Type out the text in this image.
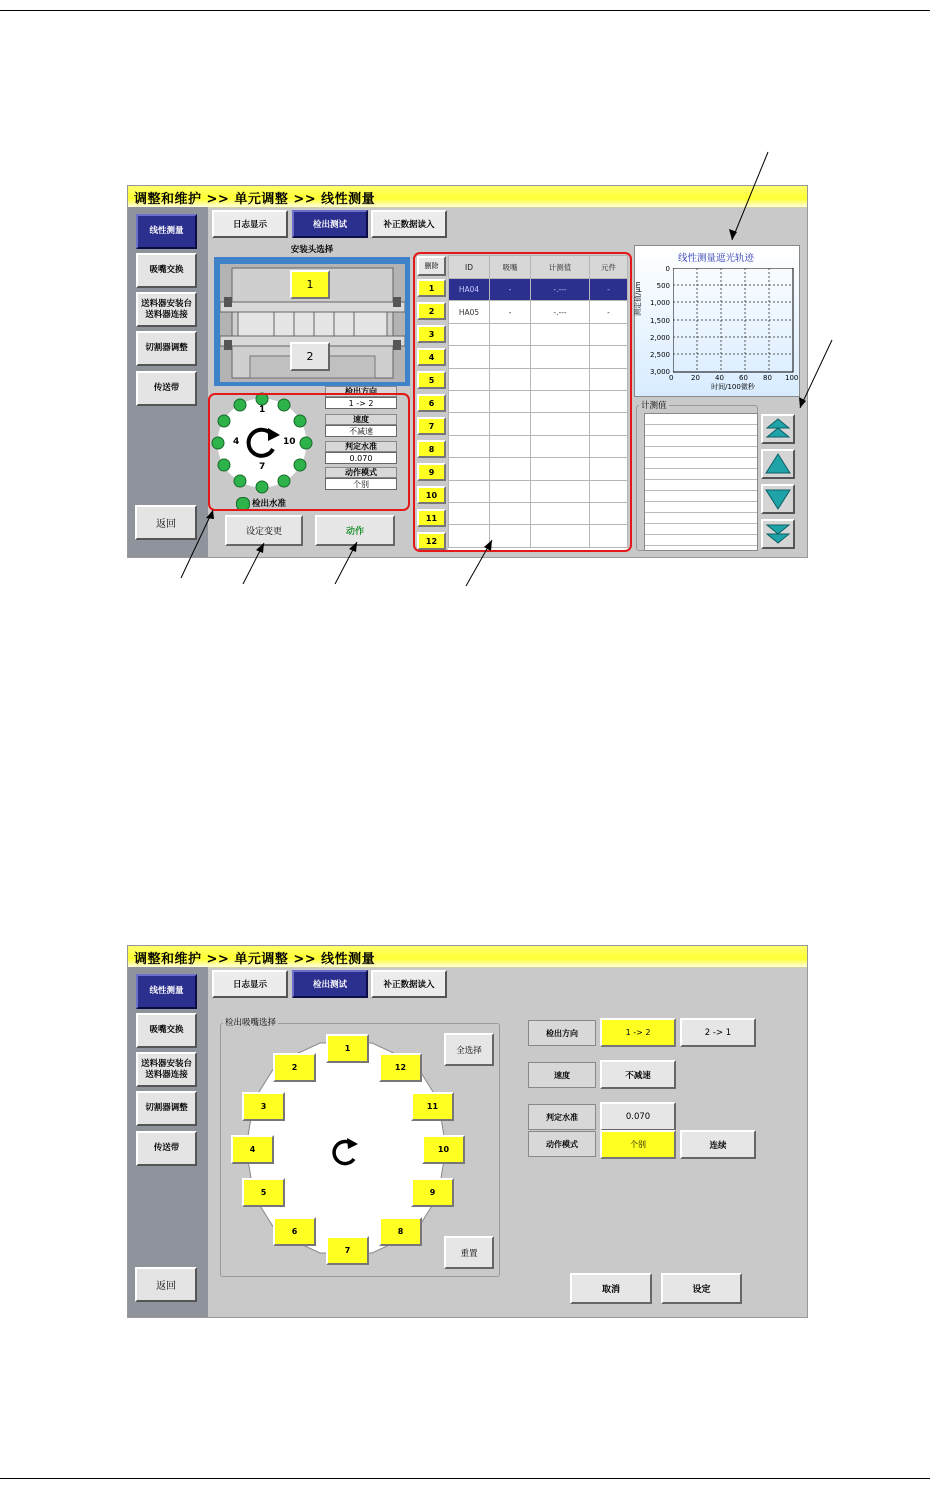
调整和维护 >> 单元调整 >> 线性测量
线性测量
吸嘴交换
送料器安装台
送料器连接
切割器调整
传送带
返回
日志显示	检出测试	补正数据读入
安装头选择
1
2
1
4	10
7
检出方向
1 -> 2
速度
不减速
判定水准
0.070
动作模式
个别
检出水准
设定变更	动作
删除
1
2
3
4
5
6
7
8
9
10
11
12
ID	吸嘴	计测值	元件
HA04	-	-.---	-
HA05	-	-.---	-

线性测量遮光轨迹
0
500
1,000
1,500
2,000
2,500
3,000
测定值/μm
0	20 40 60 80 100
时间/100微秒
计测值
调整和维护 >> 单元调整 >> 线性测量
线性测量
吸嘴交换
送料器安装台
送料器连接
切割器调整
传送带
返回
日志显示	检出测试	补正数据读入
检出吸嘴选择
1
2
3
4
5
6
7
8
9
10
11
12
全选择
重置
检出方向	1 -> 2	2 -> 1
速度	不减速
判定水准	0.070
动作模式	个别	连续
取消	设定
